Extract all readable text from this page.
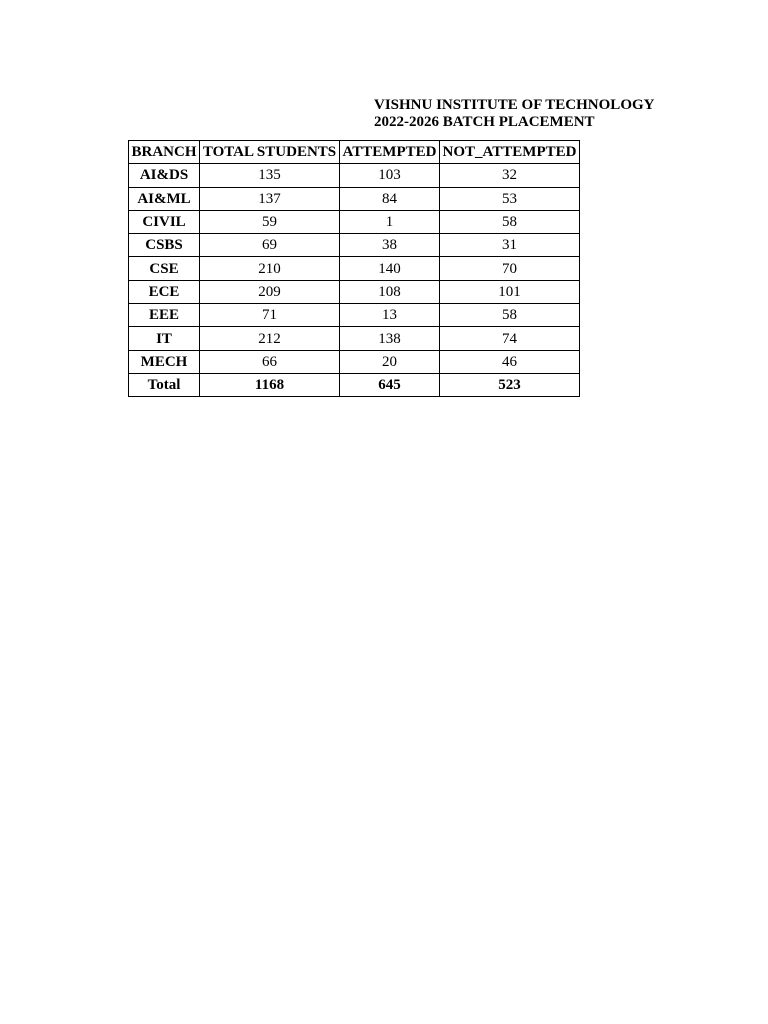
VISHNU INSTITUTE OF TECHNOLOGY
2022-2026 BATCH PLACEMENT
BRANCH	TOTAL STUDENTS	ATTEMPTED	NOT_ATTEMPTED
AI&DS	135	103	32
AI&ML	137	84	53
CIVIL	59	1	58
CSBS	69	38	31
CSE	210	140	70
ECE	209	108	101
EEE	71	13	58
IT	212	138	74
MECH	66	20	46
Total	1168	645	523
